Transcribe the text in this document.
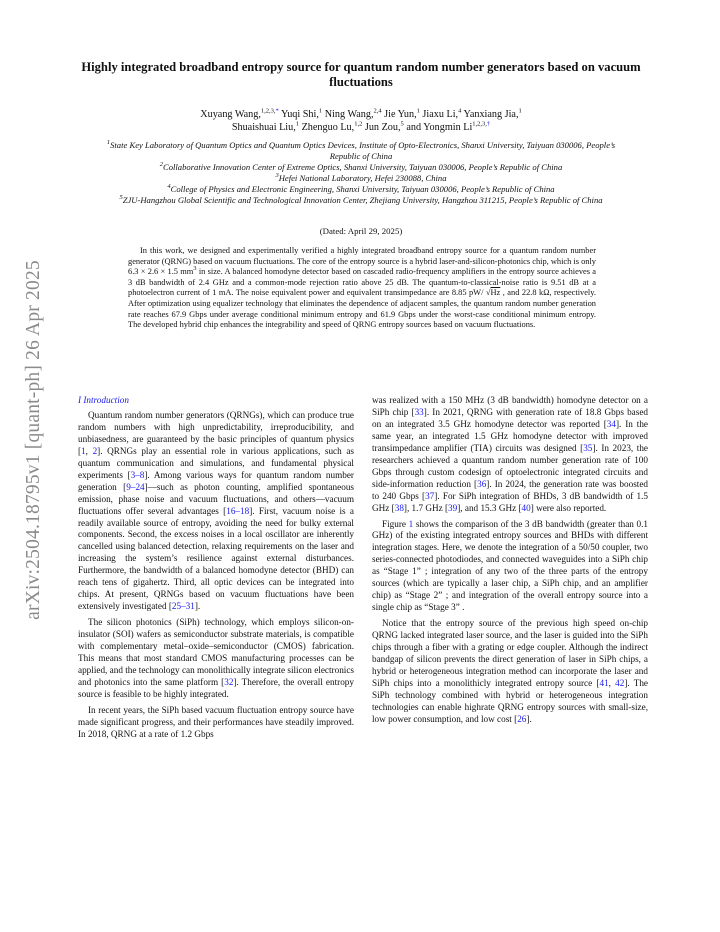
arXiv:2504.18795v1 [quant-ph] 26 Apr 2025
Highly integrated broadband entropy source for quantum random number generators based on vacuum fluctuations
Xuyang Wang,$^{1,2,3,*}$ Yuqi Shi,$^1$ Ning Wang,$^{2,4}$ Jie Yun,$^1$ Jiaxu Li,$^4$ Yanxiang Jia,$^1$
Shuaishuai Liu,$^1$ Zhenguo Lu,$^{1,2}$ Jun Zou,$^5$ and Yongmin $Li^{1,2,3,\dagger}$
$^1$State Key Laboratory of Quantum Optics and Quantum Optics Devices, Institute of Opto-Electronics, Shanxi University, Taiyuan 030006, People’s Republic of China
$^2$Collaborative Innovation Center of Extreme Optics, Shanxi University, Taiyuan 030006, People’s Republic of China
$^3$Hefei National Laboratory, Hefei 230088, China
$^4$College of Physics and Electronic Engineering, Shanxi University, Taiyuan 030006, People’s Republic of China
$^5$ZJU-Hangzhou Global Scientific and Technological Innovation Center, Zhejiang University, Hangzhou 311215, People’s Republic of China
(Dated: April 29, 2025)
In this work, we designed and experimentally verified a highly integrated broadband entropy source for a quantum random number generator (QRNG) based on vacuum fluctuations. The core of the entropy source is a hybrid laser-and-silicon-photonics chip, which is only 6.3 × 2.6 × 1.5 $mm^3$ in size. A balanced homodyne detector based on cascaded radio-frequency amplifiers in the entropy source achieves a 3 dB bandwidth of 2.4 GHz and a common-mode rejection ratio above 25 dB. The quantum-to-classical-noise ratio is 9.51 dB at a photoelectron current of 1 mA. The noise equivalent power and equivalent transimpedance are 8.85 pW/ √Hz , and 22.8 kΩ, respectively. After optimization using equalizer technology that eliminates the dependence of adjacent samples, the quantum random number generation rate reaches 67.9 Gbps under average conditional minimum entropy and 61.9 Gbps under the worst-case conditional minimum entropy. The developed hybrid chip enhances the integrability and speed of QRNG entropy sources based on vacuum fluctuations.
I Introduction

Quantum random number generators (QRNGs), which can produce true random numbers with high unpredictability, irreproducibility, and unbiasedness, are guaranteed by the basic principles of quantum physics [1, 2]. QRNGs play an essential role in various applications, such as quantum communication and simulations, and fundamental physical experiments [3–8]. Among various ways for quantum random number generation [9–24]—such as photon counting, amplified spontaneous emission, phase noise and vacuum fluctuations, and others—vacuum fluctuations offer several advantages [16–18]. First, vacuum noise is a readily available source of entropy, avoiding the need for bulky external components. Second, the excess noises in a local oscillator are inherently cancelled using balanced detection, relaxing requirements on the laser and increasing the system’s resilience against external disturbances. Furthermore, the bandwidth of a balanced homodyne detector (BHD) can reach tens of gigahertz. Third, all optic devices can be integrated into chips. At present, QRNGs based on vacuum fluctuations have been extensively investigated [25–31].

The silicon photonics (SiPh) technology, which employs silicon-on-insulator (SOI) wafers as semiconductor substrate materials, is compatible with complementary metal–oxide–semiconductor (CMOS) fabrication. This means that most standard CMOS manufacturing processes can be applied, and the technology can monolithically integrate silicon electronics and photonics into the same platform [32]. Therefore, the overall entropy source is feasible to be highly integrated.

In recent years, the SiPh based vacuum fluctuation entropy source have made significant progress, and their performances have steadily improved. In 2018, QRNG at a rate of 1.2 Gbps

was realized with a 150 MHz (3 dB bandwidth) homodyne detector on a SiPh chip [33]. In 2021, QRNG with generation rate of 18.8 Gbps based on an integrated 3.5 GHz homodyne detector was reported [34]. In the same year, an integrated 1.5 GHz homodyne detector with improved transimpedance amplifier (TIA) circuits was designed [35]. In 2023, the researchers achieved a quantum random number generation rate of 100 Gbps through custom codesign of optoelectronic integrated circuits and side-information reduction [36]. In 2024, the generation rate was boosted to 240 Gbps [37]. For SiPh integration of BHDs, 3 dB bandwidth of 1.5 GHz [38], 1.7 GHz [39], and 15.3 GHz [40] were also reported.

Figure 1 shows the comparison of the 3 dB bandwidth (greater than 0.1 GHz) of the existing integrated entropy sources and BHDs with different integration stages. Here, we denote the integration of a 50/50 coupler, two series-connected photodiodes, and connected waveguides into a SiPh chip as “Stage 1” ; integration of any two of the three parts of the entropy sources (which are typically a laser chip, a SiPh chip, and an amplifier chip) as “Stage 2” ; and integration of the overall entropy source into a single chip as “Stage 3” .

Notice that the entropy source of the previous high speed on-chip QRNG lacked integrated laser source, and the laser is guided into the SiPh chips through a fiber with a grating or edge coupler. Although the indirect bandgap of silicon prevents the direct generation of laser in SiPh chips, a hybrid or heterogeneous integration method can incorporate the laser and SiPh chips into a monolithicly integrated entropy source [41, 42]. The SiPh technology combined with hybrid or heterogeneous integration technologies can enable highrate QRNG entropy sources with small-size, low power consumption, and low cost [26].
